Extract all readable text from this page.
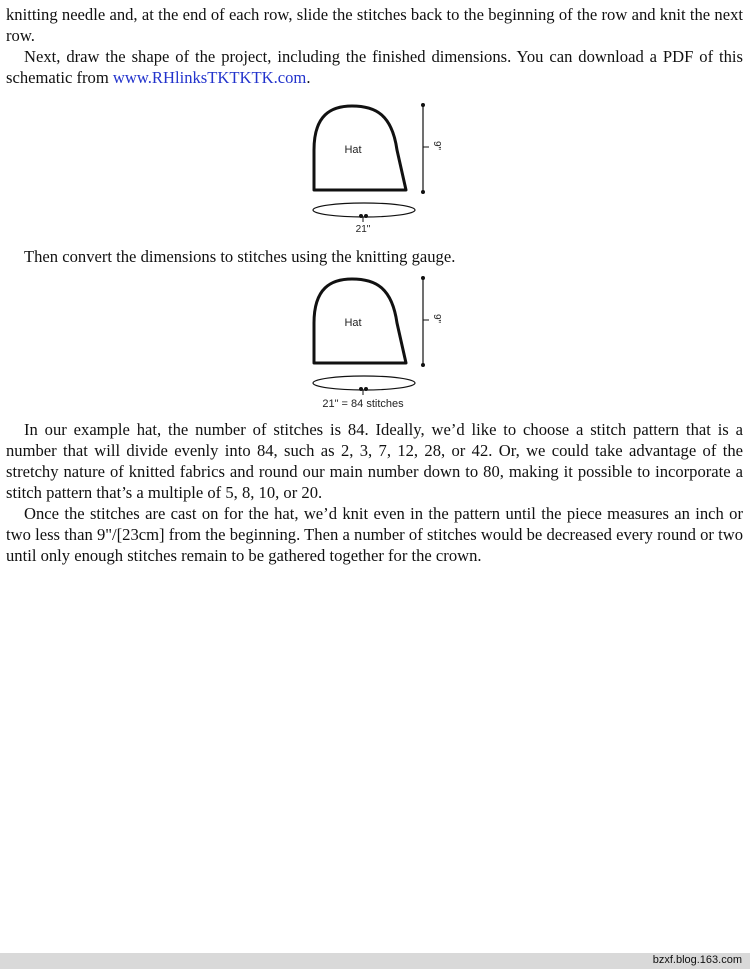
knitting needle and, at the end of each row, slide the stitches back to the beginning of the row and knit the next row.

Next, draw the shape of the project, including the finished dimensions. You can download a PDF of this schematic from www.RHlinksTKTKTK.com.

Hat	9"
21"

Then convert the dimensions to stitches using the knitting gauge.

Hat	9"
21" = 84 stitches

In our example hat, the number of stitches is 84. Ideally, we’d like to choose a stitch pattern that is a number that will divide evenly into 84, such as 2, 3, 7, 12, 28, or 42. Or, we could take advantage of the stretchy nature of knitted fabrics and round our main number down to 80, making it possible to incorporate a stitch pattern that’s a multiple of 5, 8, 10, or 20.

Once the stitches are cast on for the hat, we’d knit even in the pattern until the piece measures an inch or two less than 9"/[23cm] from the beginning. Then a number of stitches would be decreased every round or two until only enough stitches remain to be gathered together for the crown.

bzxf.blog.163.com
